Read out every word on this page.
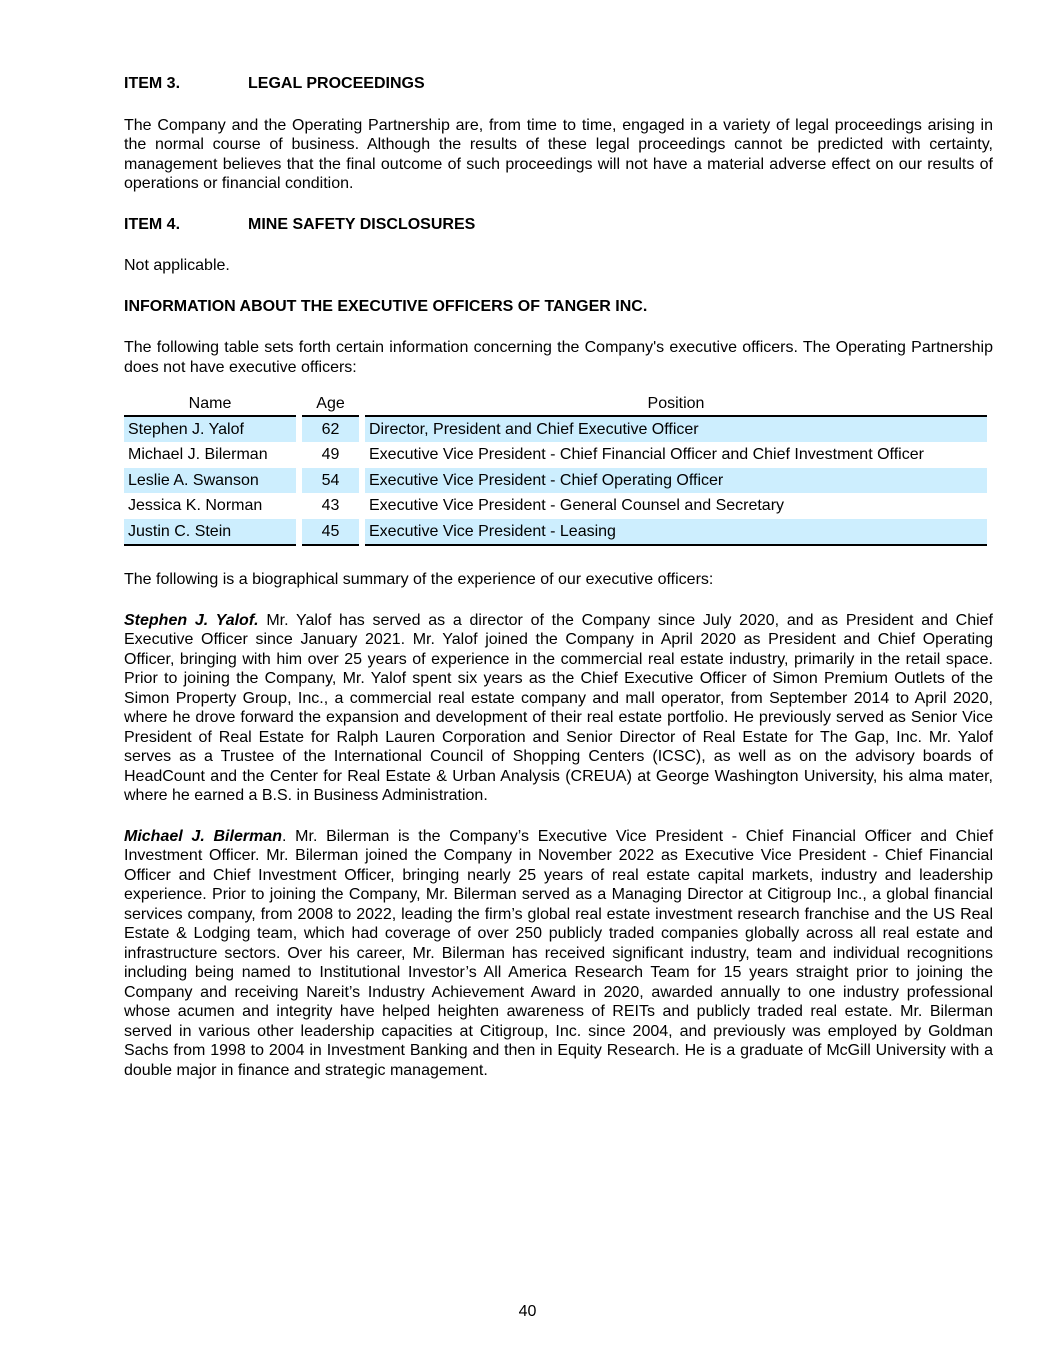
ITEM 3.	LEGAL PROCEEDINGS

The Company and the Operating Partnership are, from time to time, engaged in a variety of legal proceedings arising in the normal course of business. Although the results of these legal proceedings cannot be predicted with certainty, management believes that the final outcome of such proceedings will not have a material adverse effect on our results of operations or financial condition.

ITEM 4.	MINE SAFETY DISCLOSURES

Not applicable.

INFORMATION ABOUT THE EXECUTIVE OFFICERS OF TANGER INC.

The following table sets forth certain information concerning the Company's executive officers. The Operating Partnership does not have executive officers:

Name	Age	Position
Stephen J. Yalof	62	Director, President and Chief Executive Officer
Michael J. Bilerman	49	Executive Vice President - Chief Financial Officer and Chief Investment Officer
Leslie A. Swanson	54	Executive Vice President - Chief Operating Officer
Jessica K. Norman	43	Executive Vice President - General Counsel and Secretary
Justin C. Stein	45	Executive Vice President - Leasing

The following is a biographical summary of the experience of our executive officers:

Stephen J. Yalof. Mr. Yalof has served as a director of the Company since July 2020, and as President and Chief Executive Officer since January 2021. Mr. Yalof joined the Company in April 2020 as President and Chief Operating Officer, bringing with him over 25 years of experience in the commercial real estate industry, primarily in the retail space. Prior to joining the Company, Mr. Yalof spent six years as the Chief Executive Officer of Simon Premium Outlets of the Simon Property Group, Inc., a commercial real estate company and mall operator, from September 2014 to April 2020, where he drove forward the expansion and development of their real estate portfolio. He previously served as Senior Vice President of Real Estate for Ralph Lauren Corporation and Senior Director of Real Estate for The Gap, Inc. Mr. Yalof serves as a Trustee of the International Council of Shopping Centers (ICSC), as well as on the advisory boards of HeadCount and the Center for Real Estate & Urban Analysis (CREUA) at George Washington University, his alma mater, where he earned a B.S. in Business Administration.

Michael J. Bilerman. Mr. Bilerman is the Company’s Executive Vice President - Chief Financial Officer and Chief Investment Officer. Mr. Bilerman joined the Company in November 2022 as Executive Vice President - Chief Financial Officer and Chief Investment Officer, bringing nearly 25 years of real estate capital markets, industry and leadership experience. Prior to joining the Company, Mr. Bilerman served as a Managing Director at Citigroup Inc., a global financial services company, from 2008 to 2022, leading the firm’s global real estate investment research franchise and the US Real Estate & Lodging team, which had coverage of over 250 publicly traded companies globally across all real estate and infrastructure sectors. Over his career, Mr. Bilerman has received significant industry, team and individual recognitions including being named to Institutional Investor’s All America Research Team for 15 years straight prior to joining the Company and receiving Nareit’s Industry Achievement Award in 2020, awarded annually to one industry professional whose acumen and integrity have helped heighten awareness of REITs and publicly traded real estate. Mr. Bilerman served in various other leadership capacities at Citigroup, Inc. since 2004, and previously was employed by Goldman Sachs from 1998 to 2004 in Investment Banking and then in Equity Research. He is a graduate of McGill University with a double major in finance and strategic management.

40
